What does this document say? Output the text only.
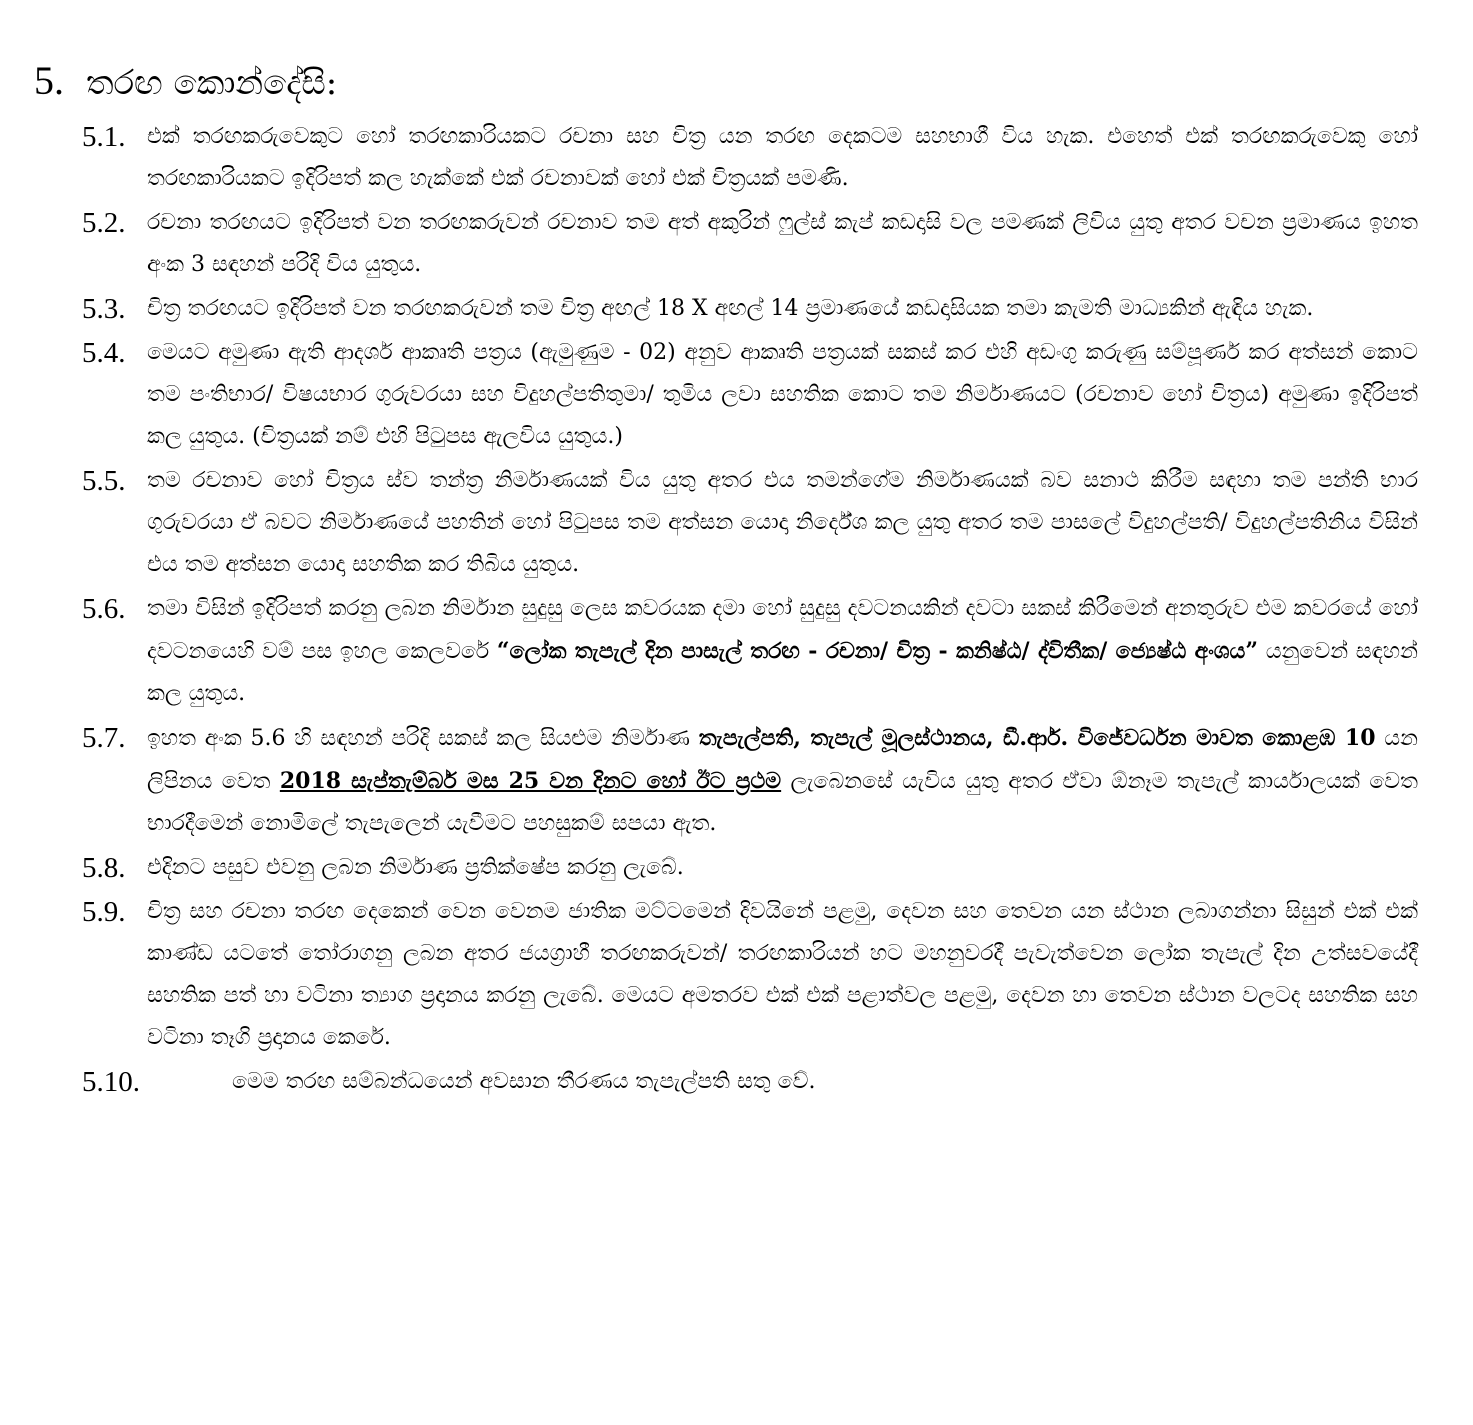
5. තරඟ කොන්දේසි:
5.1. එක් තරඟකරුවෙකුට හෝ තරඟකාරියකට රචනා සහ චිත්‍ර යන තරඟ දෙකටම සහභාගී විය හැක. එහෙත් එක් තරඟකරුවෙකු හෝ තරඟකාරියකට ඉදිරිපත් කල හැක්කේ එක් රචනාවක් හෝ එක් චිත්‍රයක් පමණි.
5.2. රචනා තරඟයට ඉදිරිපත් වන තරඟකරුවන් රචනාව තම අත් අකුරින් ෆුල්ස් කැප් කඩදාසි වල පමණක් ලිවිය යුතු අතර වචන ප්‍රමාණය ඉහත අංක 3 සඳහන් පරිදි විය යුතුය.
5.3. චිත්‍ර තරඟයට ඉදිරිපත් වන තරඟකරුවන් තම චිත්‍ර අඟල් 18 X අඟල් 14 ප්‍රමාණයේ කඩදාසියක තමා කැමති මාධ්‍යකින් ඇඳිය හැක.
5.4. මෙයට අමුණා ඇති ආදර්ශ ආකෘති පත්‍රය (ඇමුණුම - 02) අනුව ආකෘති පත්‍රයක් සකස් කර එහි අඩංගු කරුණු සම්පූර්ණ කර අත්සන් කොට තම පංතිභාර/ විෂයභාර ගුරුවරයා සහ විදුහල්පතිතුමා/ තුමිය ලවා සහතික කොට තම නිර්මාණයට (රචනාව හෝ චිත්‍රය) අමුණා ඉදිරිපත් කල යුතුය. (චිත්‍රයක් නම් එහි පිටුපස ඇලවිය යුතුය.)
5.5. තම රචනාව හෝ චිත්‍රය ස්ව තන්ත්‍ර නිර්මාණයක් විය යුතු අතර එය තමන්ගේම නිර්මාණයක් බව සනාථ කිරීම සඳහා තම පන්ති භාර ගුරුවරයා ඒ බවට නිර්මාණයේ පහතින් හෝ පිටුපස තම අත්සන යොදා නිර්දේශ කල යුතු අතර තම පාසලේ විදුහල්පති/ විදුහල්පතිනිය විසින් එය තම අත්සන යොදා සහතික කර තිබිය යුතුය.
5.6. තමා විසින් ඉදිරිපත් කරනු ලබන නිර්මාන සුදුසු ලෙස කවරයක දමා හෝ සුදුසු දවටනයකින් දවටා සකස් කිරීමෙන් අනතුරුව එම කවරයේ හෝ දවටනයෙහි වම් පස ඉහල කෙලවරේ “ලෝක තැපැල් දින පාසැල් තරඟ - රචනා/ චිත්‍ර - කනිෂ්ඨ/ ද්විතීක/ ජ්‍යෙෂ්ඨ අංශය” යනුවෙන් සඳහන් කල යුතුය.
5.7. ඉහත අංක 5.6 හි සඳහන් පරිදි සකස් කල සියළුම නිර්මාණ තැපැල්පති, තැපැල් මූලස්ථානය, ඩී.ආර්. විජේවර්ධන මාවත කොළඹ 10 යන ලිපිනය වෙත 2018 සැප්තැම්බර් මස 25 වන දිනට හෝ ඊට ප්‍රථම ලැබෙනසේ යැවිය යුතු අතර ඒවා ඕනෑම තැපැල් කාර්යාලයක් වෙත භාරදීමෙන් නොමිලේ තැපැලෙන් යැවීමට පහසුකම් සපයා ඇත.
5.8. එදිනට පසුව එවනු ලබන නිර්මාණ ප්‍රතික්ෂේප කරනු ලැබේ.
5.9. චිත්‍ර සහ රචනා තරඟ දෙකෙන් වෙන වෙනම ජාතික මට්ටමෙන් දිවයිනේ පළමු, දෙවන සහ තෙවන යන ස්ථාන ලබාගන්නා සිසුන් එක් එක් කාණ්ඩ යටතේ තෝරාගනු ලබන අතර ජයග්‍රාහී තරඟකරුවන්/ තරඟකාරියන් හට මහනුවරදී පැවැත්වෙන ලෝක තැපැල් දින උත්සවයේදී සහතික පත් හා වටිනා ත්‍යාග ප්‍රදානය කරනු ලැබේ. මෙයට අමතරව එක් එක් පළාත්වල පළමු, දෙවන හා තෙවන ස්ථාන වලටද සහතික සහ වටිනා තෑගි ප්‍රදානය කෙරේ.
5.10.	මෙම තරඟ සම්බන්ධයෙන් අවසාන තීරණය තැපැල්පති සතු වේ.
